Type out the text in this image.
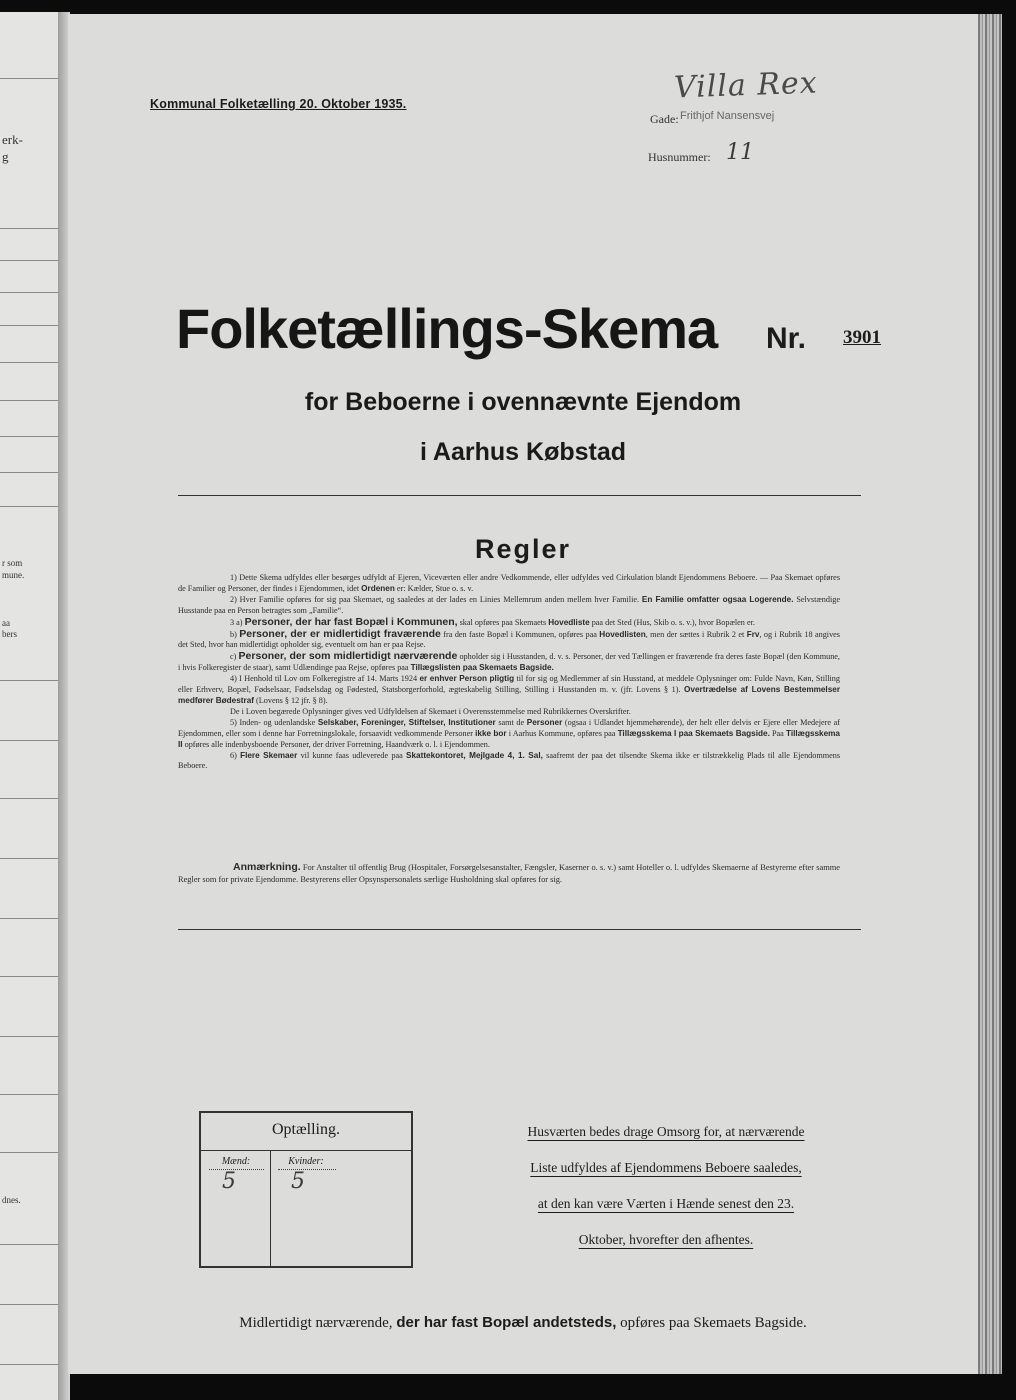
erk-
g
r som
mune.
aa
bers
dnes.
Kommunal Folketælling 20. Oktober 1935.	Villa Rex
Gade: Frithjof Nansensvej
Husnummer: 11
Folketællings-Skema Nr. 3901
for Beboerne i ovennævnte Ejendom
i Aarhus Købstad
Regler

1) Dette Skema udfyldes eller besørges udfyldt af Ejeren, Viceværten eller andre Vedkommende, eller udfyldes ved Cirkulation blandt Ejendommens Beboere. — Paa Skemaet opføres de Familier og Personer, der findes i Ejendommen, idet Ordenen er: Kælder, Stue o. s. v.

2) Hver Familie opføres for sig paa Skemaet, og saaledes at der lades en Linies Mellemrum anden mellem hver Familie. En Familie omfatter ogsaa Logerende. Selvstændige Husstande paa en Person betragtes som „Familie“.

3 a) Personer, der har fast Bopæl i Kommunen, skal opføres paa Skemaets Hovedliste paa det Sted (Hus, Skib o. s. v.), hvor Bopælen er.

b) Personer, der er midlertidigt fraværende fra den faste Bopæl i Kommunen, opføres paa Hovedlisten, men der sættes i Rubrik 2 et Frv, og i Rubrik 18 angives det Sted, hvor han midlertidigt opholder sig, eventuelt om han er paa Rejse.

c) Personer, der som midlertidigt nærværende opholder sig i Husstanden, d. v. s. Personer, der ved Tællingen er fraværende fra deres faste Bopæl (den Kommune, i hvis Folkeregister de staar), samt Udlændinge paa Rejse, opføres paa Tillægslisten paa Skemaets Bagside.

4) I Henhold til Lov om Folkeregistre af 14. Marts 1924 er enhver Person pligtig til for sig og Medlemmer af sin Husstand, at meddele Oplysninger om: Fulde Navn, Køn, Stilling eller Erhverv, Bopæl, Fødselsaar, Fødselsdag og Fødested, Statsborgerforhold, ægteskabelig Stilling, Stilling i Husstanden m. v. (jfr. Lovens § 1). Overtrædelse af Lovens Bestemmelser medfører Bødestraf (Lovens § 12 jfr. § 8).

De i Loven begærede Oplysninger gives ved Udfyldelsen af Skemaet i Overensstemmelse med Rubrikkernes Overskrifter.

5) Inden- og udenlandske Selskaber, Foreninger, Stiftelser, Institutioner samt de Personer (ogsaa i Udlandet hjemmehørende), der helt eller delvis er Ejere eller Medejere af Ejendommen, eller som i denne har Forretningslokale, forsaavidt vedkommende Personer ikke bor i Aarhus Kommune, opføres paa Tillægsskema I paa Skemaets Bagside. Paa Tillægsskema II opføres alle indenbysboende Personer, der driver Forretning, Haandværk o. l. i Ejendommen.

6) Flere Skemaer vil kunne faas udleverede paa Skattekontoret, Mejlgade 4, 1. Sal, saafremt der paa det tilsendte Skema ikke er tilstrækkelig Plads til alle Ejendommens Beboere.

Anmærkning. For Anstalter til offentlig Brug (Hospitaler, Forsørgelsesanstalter, Fængsler, Kaserner o. s. v.) samt Hoteller o. l. udfyldes Skemaerne af Bestyrerne efter samme Regler som for private Ejendomme. Bestyrerens eller Opsynspersonalets særlige Husholdning skal opføres for sig.
Optælling.
Mænd:	Kvinder:
5	5
Husværten bedes drage Omsorg for, at nærværende
Liste udfyldes af Ejendommens Beboere saaledes,
at den kan være Værten i Hænde senest den 23.
Oktober, hvorefter den afhentes.
Midlertidigt nærværende, der har fast Bopæl andetsteds, opføres paa Skemaets Bagside.
